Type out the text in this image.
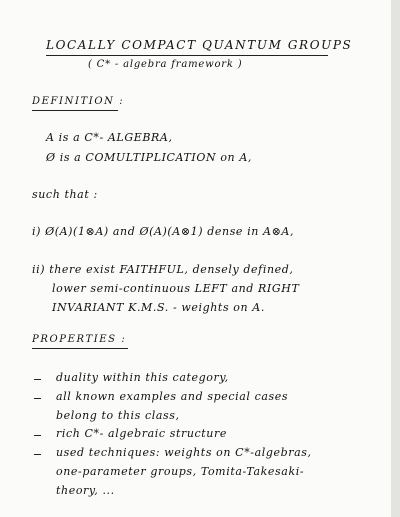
LOCALLY COMPACT QUANTUM GROUPS
( C* - algebra framework )
DEFINITION :
A is a C*- ALGEBRA,
Ø is a COMULTIPLICATION on A,
such that :
i) Ø(A)(1⊗A) and Ø(A)(A⊗1) dense in A⊗A,
ii) there exist FAITHFUL, densely defined,
lower semi-continuous LEFT and RIGHT
INVARIANT K.M.S. - weights on A.
PROPERTIES :
duality within this category,
all known examples and special cases
belong to this class,
rich C*- algebraic structure
used techniques: weights on C*-algebras,
one-parameter groups, Tomita-Takesaki-
theory, ...
